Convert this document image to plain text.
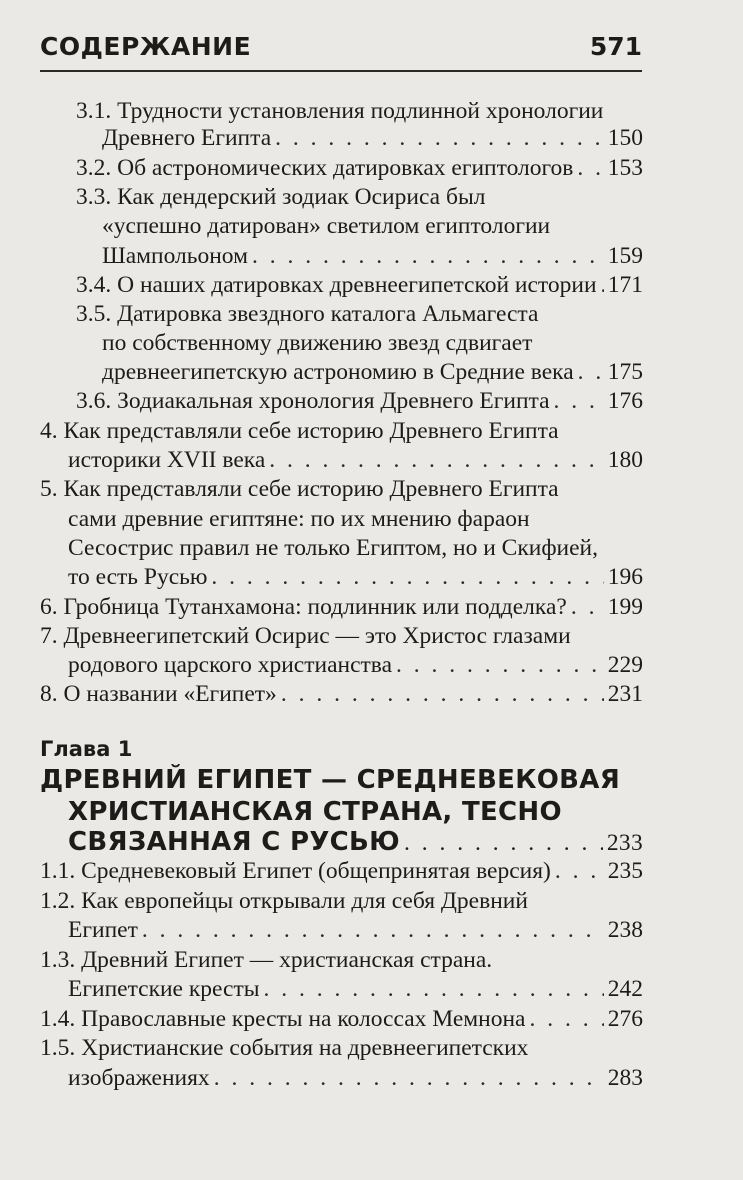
СОДЕРЖАНИЕ	571
3.1. Трудности установления подлинной хронологии
Древнего Египта . . .	150
3.2. Об астрономических датировках египтологов . . . 153
3.3. Как дендерский зодиак Осириса был
«успешно датирован» светилом египтологии
Шампольоном . . .	159
3.4. О наших датировках древнеегипетской истории . . . 171
3.5. Датировка звездного каталога Альмагеста
по собственному движению звезд сдвигает
древнеегипетскую астрономию в Средние века . . . 175
3.6. Зодиакальная хронология Древнего Египта . . . 176
4. Как представляли себе историю Древнего Египта
историки XVII века . . .	180
5. Как представляли себе историю Древнего Египта
сами древние египтяне: по их мнению фараон
Сесострис правил не только Египтом, но и Скифией,
то есть Русью . . .	196
6. Гробница Тутанхамона: подлинник или подделка? . . . 199
7. Древнеегипетский Осирис — это Христос глазами
родового царского христианства . . .	229
8. О названии «Египет» . . .	231
Глава 1
ДРЕВНИЙ ЕГИПЕТ — СРЕДНЕВЕКОВАЯ
ХРИСТИАНСКАЯ СТРАНА, ТЕСНО
СВЯЗАННАЯ С РУСЬЮ . . .	233
1.1. Средневековый Египет (общепринятая версия) . . . 235
1.2. Как европейцы открывали для себя Древний
Египет . . .	238
1.3. Древний Египет — христианская страна.
Египетские кресты . . .	242
1.4. Православные кресты на колоссах Мемнона . . .	276
1.5. Христианские события на древнеегипетских
изображениях . . .	283
